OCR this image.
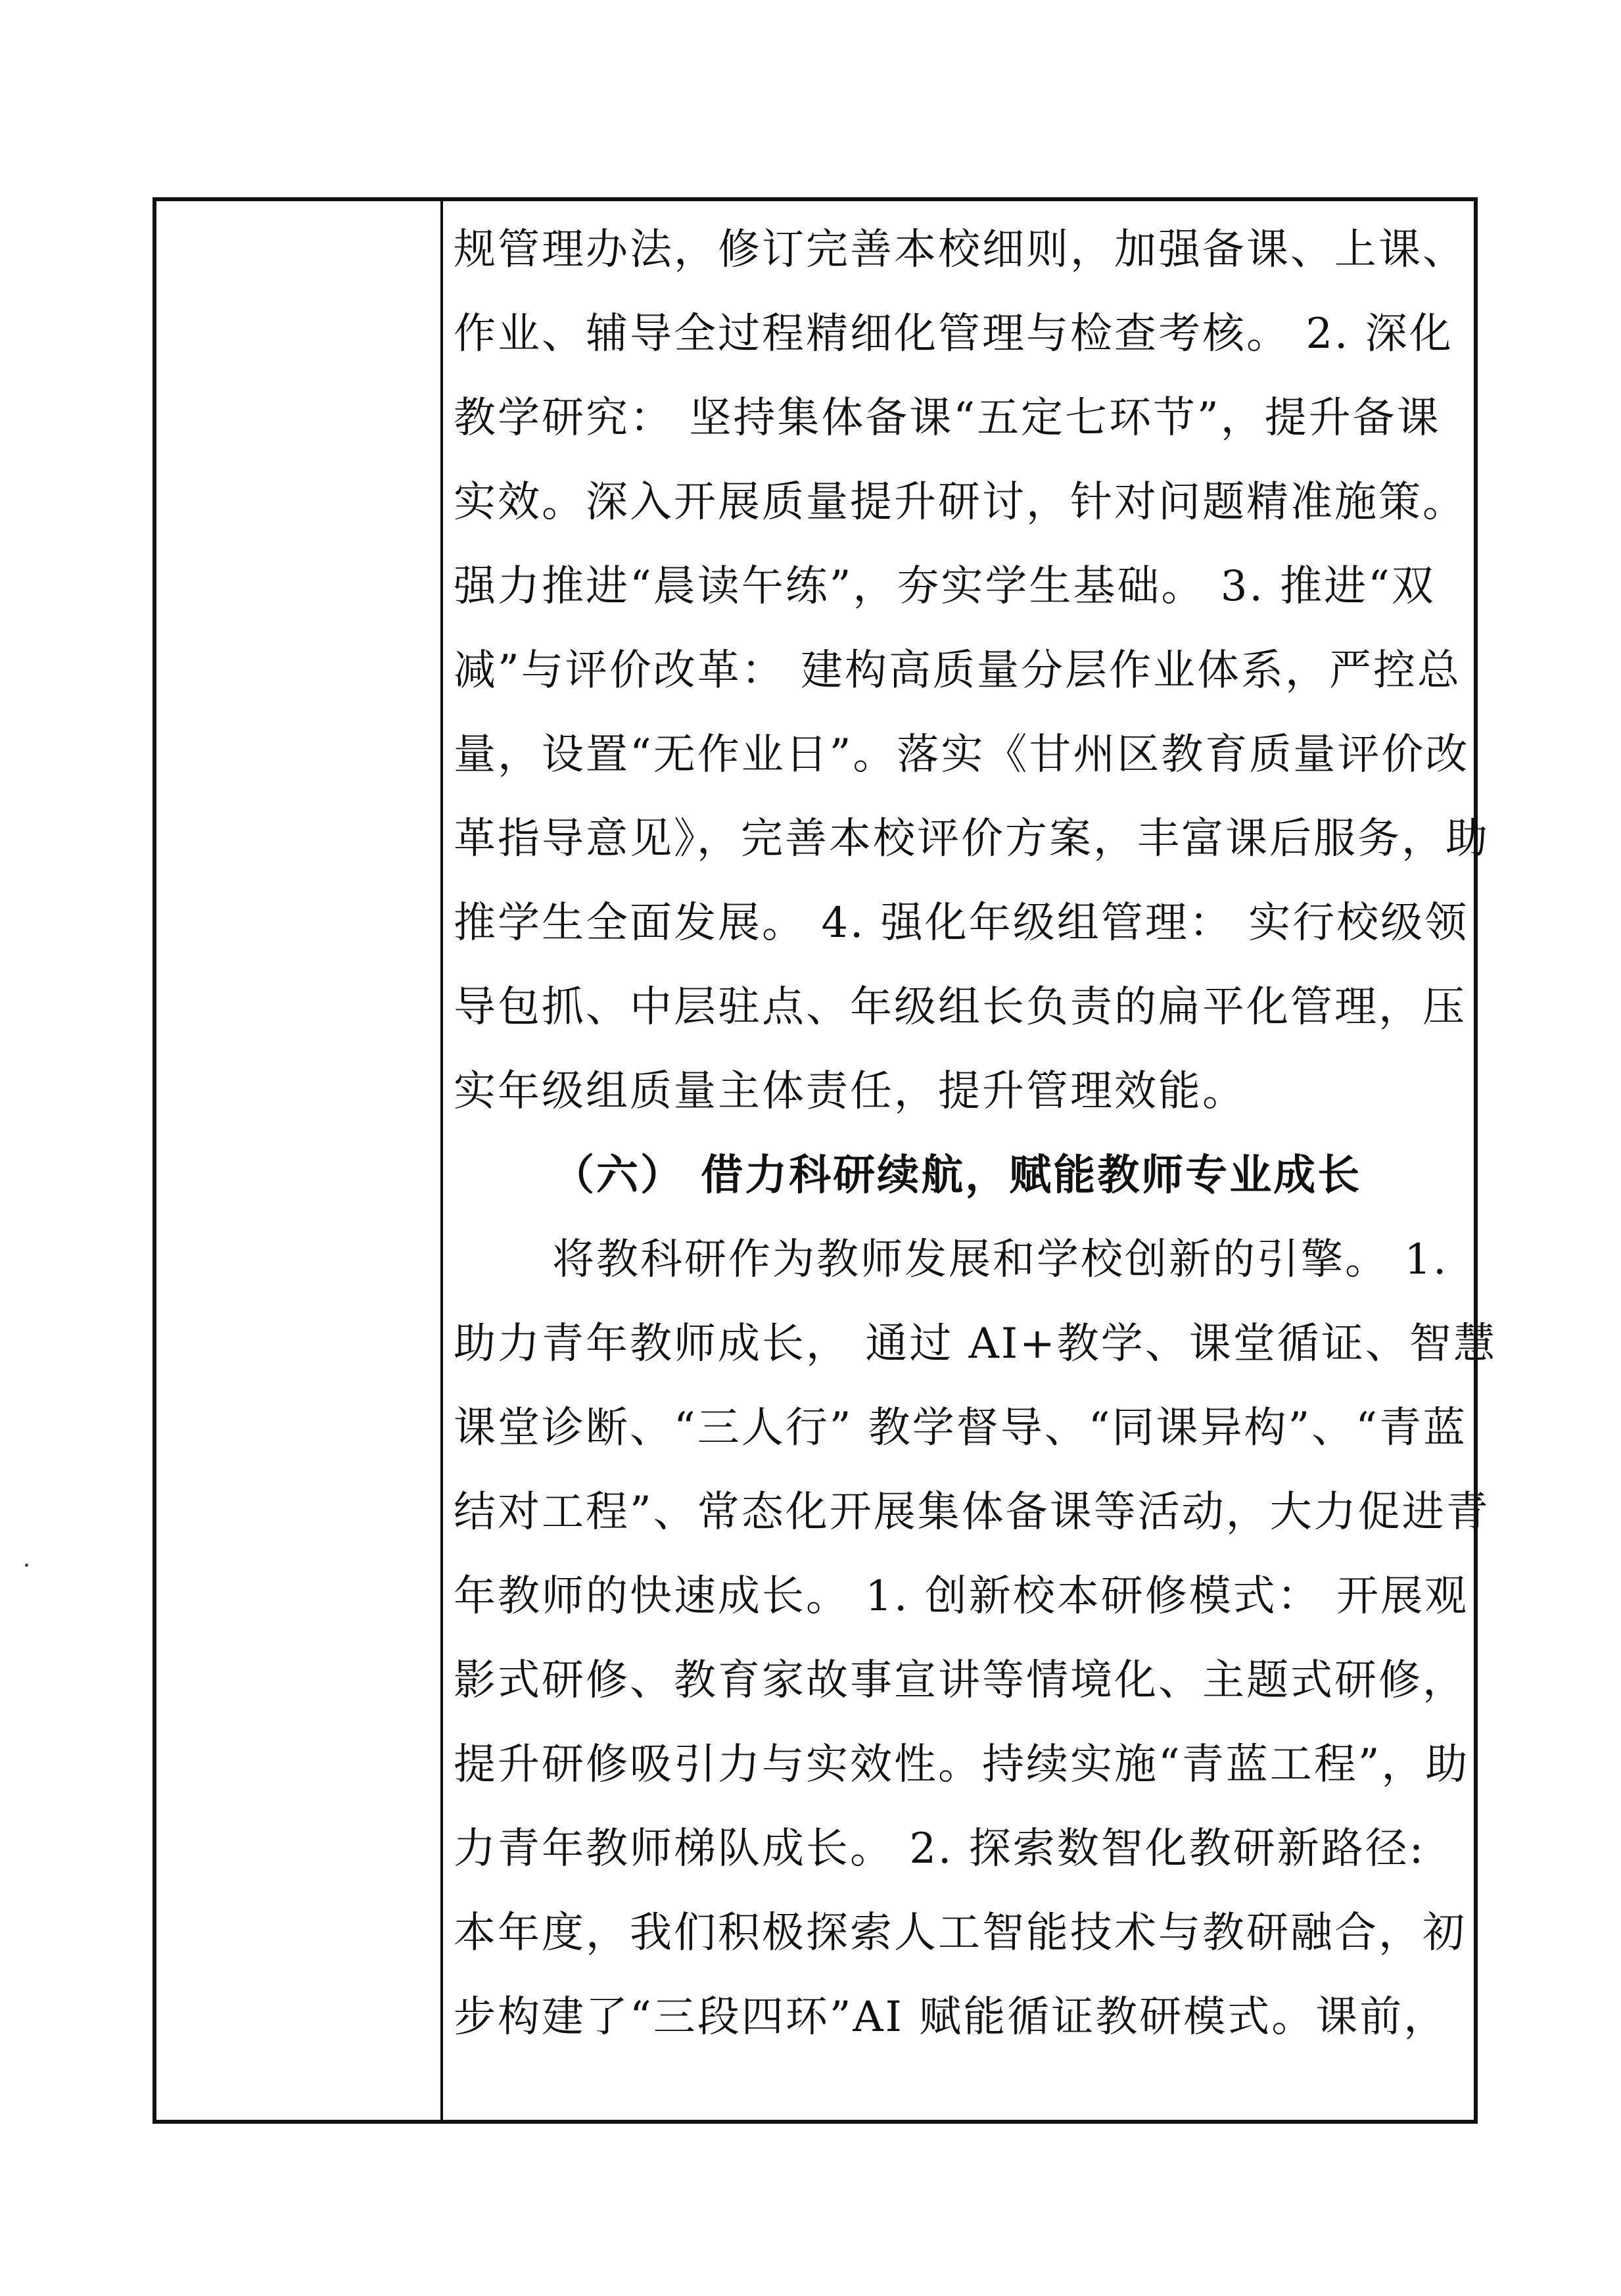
规管理办法，修订完善本校细则，加强备课、上课、
作业、辅导全过程精细化管理与检查考核。 2. 深化
教学研究： 坚持集体备课“五定七环节”，提升备课
实效。深入开展质量提升研讨，针对问题精准施策。
强力推进“晨读午练”，夯实学生基础。 3. 推进“双
减”与评价改革： 建构高质量分层作业体系，严控总
量，设置“无作业日”。落实《甘州区教育质量评价改
革指导意见》，完善本校评价方案，丰富课后服务，助
推学生全面发展。 4. 强化年级组管理： 实行校级领
导包抓、中层驻点、年级组长负责的扁平化管理，压
实年级组质量主体责任，提升管理效能。
（六） 借力科研续航，赋能教师专业成长
将教科研作为教师发展和学校创新的引擎。 1.
助力青年教师成长， 通过 AI+教学、课堂循证、智慧
课堂诊断、“三人行” 教学督导、“同课异构”、“青蓝
结对工程”、常态化开展集体备课等活动，大力促进青
年教师的快速成长。 1. 创新校本研修模式： 开展观
影式研修、教育家故事宣讲等情境化、主题式研修，
提升研修吸引力与实效性。持续实施“青蓝工程”，助
力青年教师梯队成长。 2. 探索数智化教研新路径:
本年度，我们积极探索人工智能技术与教研融合，初
步构建了“三段四环”AI 赋能循证教研模式。课前，
